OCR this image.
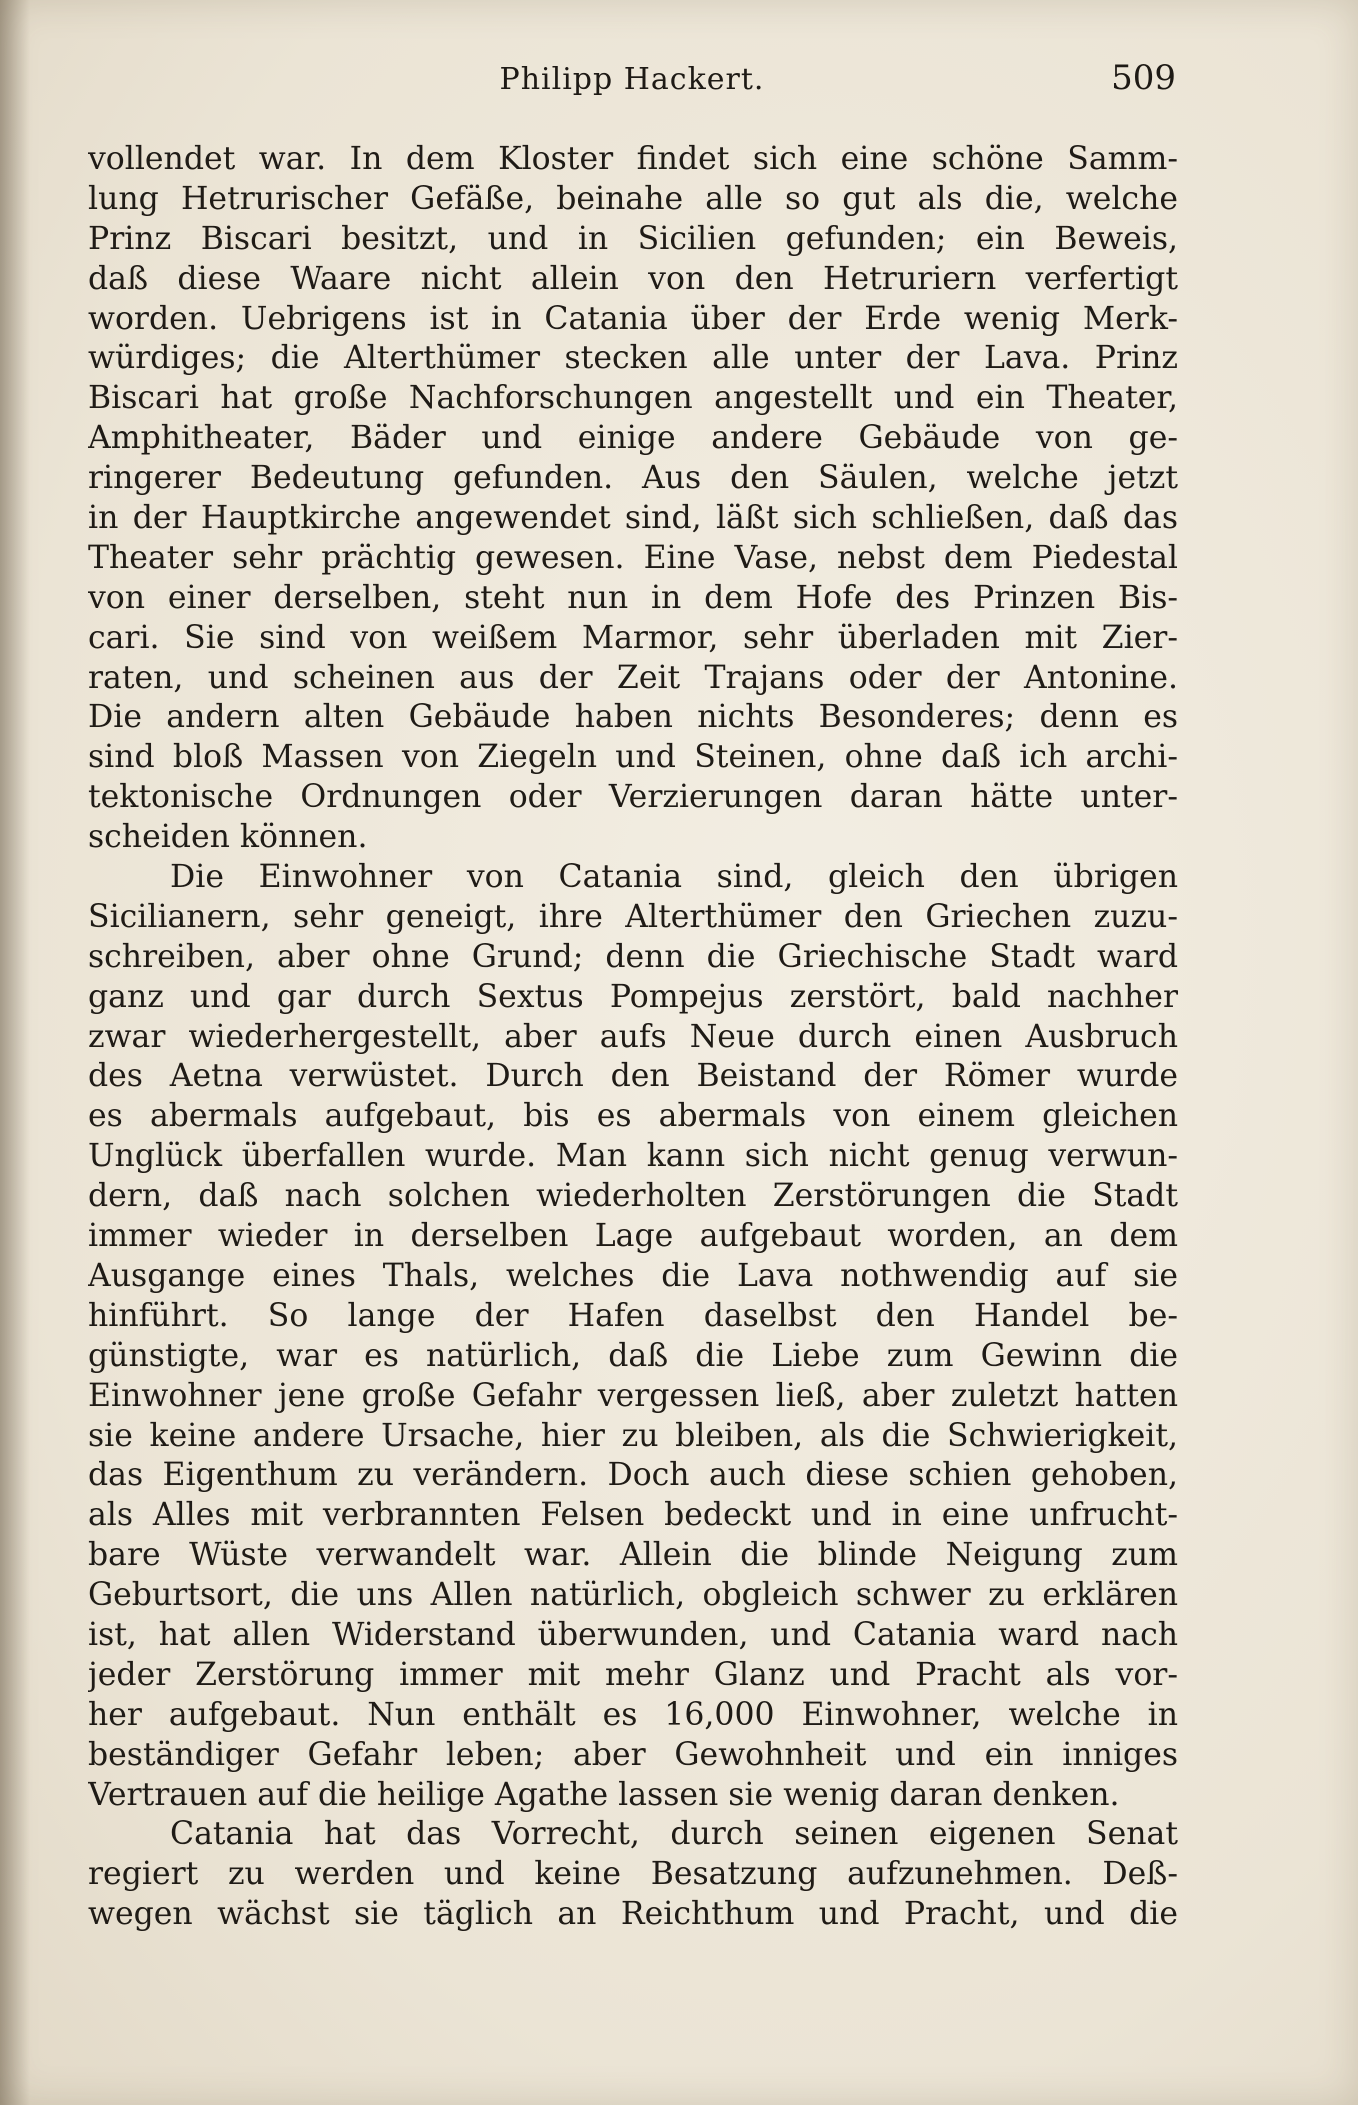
Philipp Hackert.	509
vollendet war. In dem Kloster findet sich eine schöne Samm-
lung Hetrurischer Gefäße, beinahe alle so gut als die, welche
Prinz Biscari besitzt, und in Sicilien gefunden; ein Beweis,
daß diese Waare nicht allein von den Hetruriern verfertigt
worden. Uebrigens ist in Catania über der Erde wenig Merk-
würdiges; die Alterthümer stecken alle unter der Lava. Prinz
Biscari hat große Nachforschungen angestellt und ein Theater,
Amphitheater, Bäder und einige andere Gebäude von ge-
ringerer Bedeutung gefunden. Aus den Säulen, welche jetzt
in der Hauptkirche angewendet sind, läßt sich schließen, daß das
Theater sehr prächtig gewesen. Eine Vase, nebst dem Piedestal
von einer derselben, steht nun in dem Hofe des Prinzen Bis-
cari. Sie sind von weißem Marmor, sehr überladen mit Zier-
raten, und scheinen aus der Zeit Trajans oder der Antonine.
Die andern alten Gebäude haben nichts Besonderes; denn es
sind bloß Massen von Ziegeln und Steinen, ohne daß ich archi-
tektonische Ordnungen oder Verzierungen daran hätte unter-
scheiden können.
Die Einwohner von Catania sind, gleich den übrigen
Sicilianern, sehr geneigt, ihre Alterthümer den Griechen zuzu-
schreiben, aber ohne Grund; denn die Griechische Stadt ward
ganz und gar durch Sextus Pompejus zerstört, bald nachher
zwar wiederhergestellt, aber aufs Neue durch einen Ausbruch
des Aetna verwüstet. Durch den Beistand der Römer wurde
es abermals aufgebaut, bis es abermals von einem gleichen
Unglück überfallen wurde. Man kann sich nicht genug verwun-
dern, daß nach solchen wiederholten Zerstörungen die Stadt
immer wieder in derselben Lage aufgebaut worden, an dem
Ausgange eines Thals, welches die Lava nothwendig auf sie
hinführt. So lange der Hafen daselbst den Handel be-
günstigte, war es natürlich, daß die Liebe zum Gewinn die
Einwohner jene große Gefahr vergessen ließ, aber zuletzt hatten
sie keine andere Ursache, hier zu bleiben, als die Schwierigkeit,
das Eigenthum zu verändern. Doch auch diese schien gehoben,
als Alles mit verbrannten Felsen bedeckt und in eine unfrucht-
bare Wüste verwandelt war. Allein die blinde Neigung zum
Geburtsort, die uns Allen natürlich, obgleich schwer zu erklären
ist, hat allen Widerstand überwunden, und Catania ward nach
jeder Zerstörung immer mit mehr Glanz und Pracht als vor-
her aufgebaut. Nun enthält es 16,000 Einwohner, welche in
beständiger Gefahr leben; aber Gewohnheit und ein inniges
Vertrauen auf die heilige Agathe lassen sie wenig daran denken.
Catania hat das Vorrecht, durch seinen eigenen Senat
regiert zu werden und keine Besatzung aufzunehmen. Deß-
wegen wächst sie täglich an Reichthum und Pracht, und die
